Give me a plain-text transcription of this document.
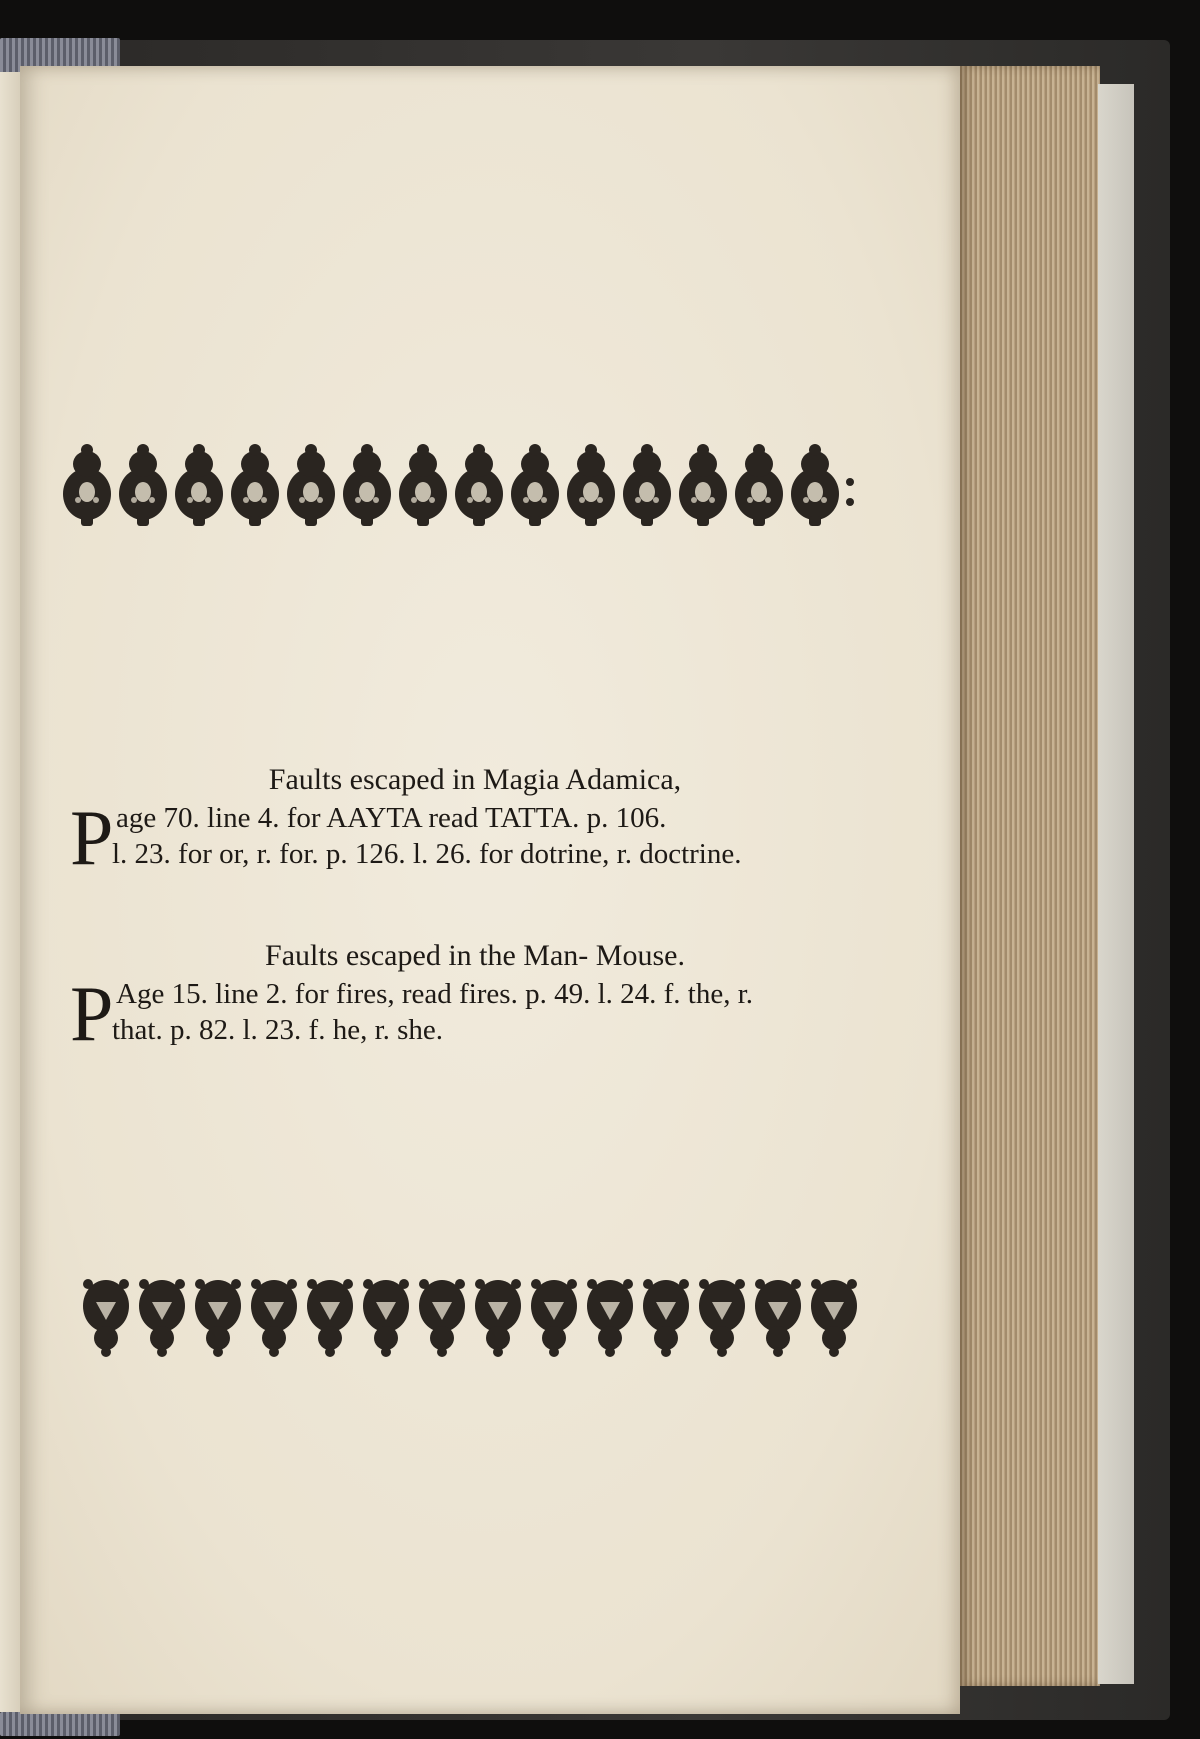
Faults escaped in Magia Adamica,
P age 70. line 4. for AAYTA read TATTA. p. 106.
l. 23. for or, r. for. p. 126. l. 26. for dotrine, r. doctrine.
Faults escaped in the Man- Mouse.
P Age 15. line 2. for fires, read fires. p. 49. l. 24. f. the, r.
that. p. 82. l. 23. f. he, r. she.
